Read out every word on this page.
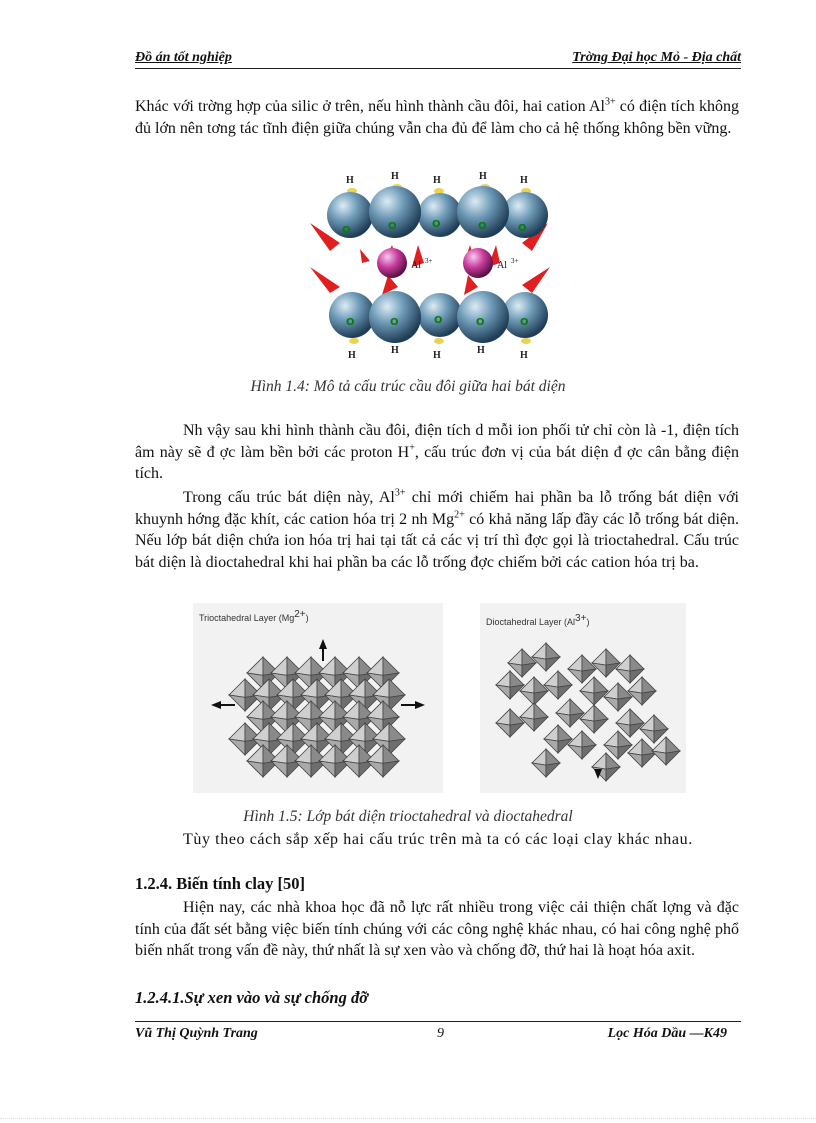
Đồ án tốt nghiệp	Trờng Đại học Mỏ - Địa chất

Khác với trờng hợp của silic ở trên, nếu hình thành cầu đôi, hai cation $Al^{3+}$ có điện tích không đủ lớn nên tơng tác tĩnh điện giữa chúng vẫn cha đủ để làm cho cả hệ thống không bền vững.

O	O	O	O	O
O	O	O	O	O
H	H	H	H	H
H	H	H	H	H
Al 3+	Al 3+

Hình 1.4: Mô tả cấu trúc cầu đôi giữa hai bát diện

Nh vậy sau khi hình thành cầu đôi, điện tích d mỗi ion phối tử chỉ còn là -1, điện tích âm này sẽ đ ợc làm bền bởi các proton H+, cấu trúc đơn vị của bát diện đ ợc cân bằng điện tích.

Trong cấu trúc bát diện này, $Al^{3+}$ chỉ mới chiếm hai phần ba lỗ trống bát diện với khuynh hớng đặc khít, các cation hóa trị 2 nh $Mg^{2+}$ có khả năng lấp đầy các lỗ trống bát diện. Nếu lớp bát diện chứa ion hóa trị hai tại tất cả các vị trí thì đợc gọi là trioctahedral. Cấu trúc bát diện là dioctahedral khi hai phần ba các lỗ trống đợc chiếm bởi các cation hóa trị ba.

Trioctahedral Layer $(Mg^{2+})$	Dioctahedral Layer $(Al^{3+})$

Hình 1.5: Lớp bát diện trioctahedral và dioctahedral

Tùy theo cách sắp xếp hai cấu trúc trên mà ta có các loại clay khác nhau.

1.2.4. Biến tính clay [50]

Hiện nay, các nhà khoa học đã nỗ lực rất nhiều trong việc cải thiện chất lợng và đặc tính của đất sét bằng việc biến tính chúng với các công nghệ khác nhau, có hai công nghệ phổ biến nhất trong vấn đề này, thứ nhất là sự xen vào và chống đỡ, thứ hai là hoạt hóa axit.

1.2.4.1.Sự xen vào và sự chống đỡ

Vũ Thị Quỳnh Trang	9	Lọc Hóa Dầu —K49
